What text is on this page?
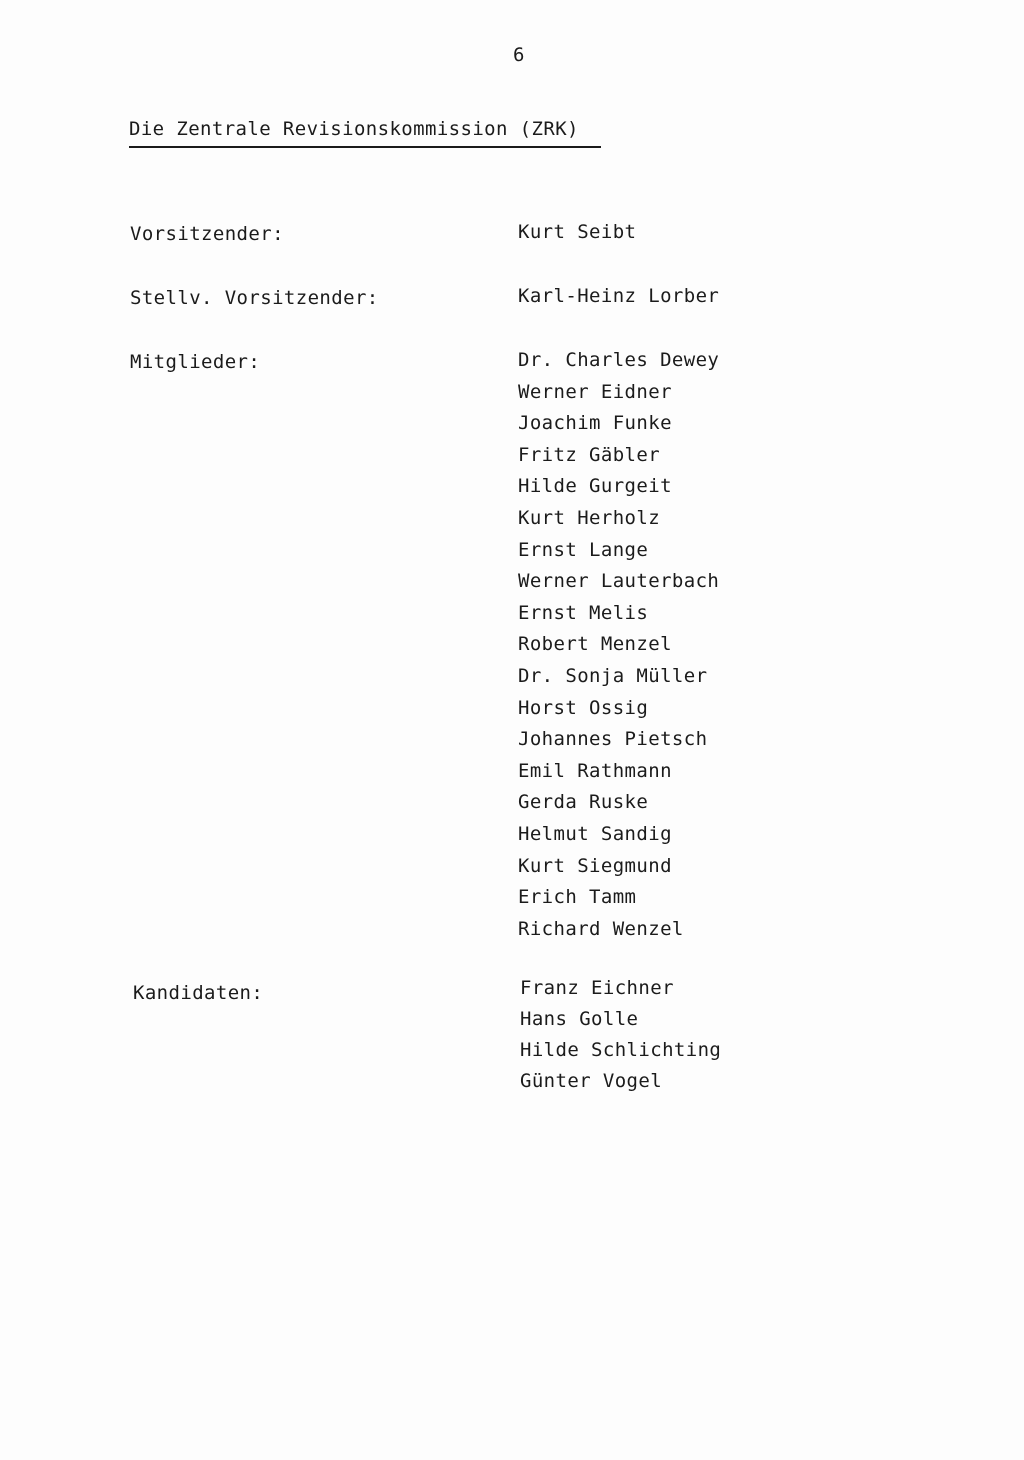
6
Die Zentrale Revisionskommission (ZRK)
Vorsitzender:	Kurt Seibt
Stellv. Vorsitzender:	Karl-Heinz Lorber
Mitglieder:	Dr. Charles Dewey
Werner Eidner
Joachim Funke
Fritz Gäbler
Hilde Gurgeit
Kurt Herholz
Ernst Lange
Werner Lauterbach
Ernst Melis
Robert Menzel
Dr. Sonja Müller
Horst Ossig
Johannes Pietsch
Emil Rathmann
Gerda Ruske
Helmut Sandig
Kurt Siegmund
Erich Tamm
Richard Wenzel
Kandidaten:	Franz Eichner
Hans Golle
Hilde Schlichting
Günter Vogel
